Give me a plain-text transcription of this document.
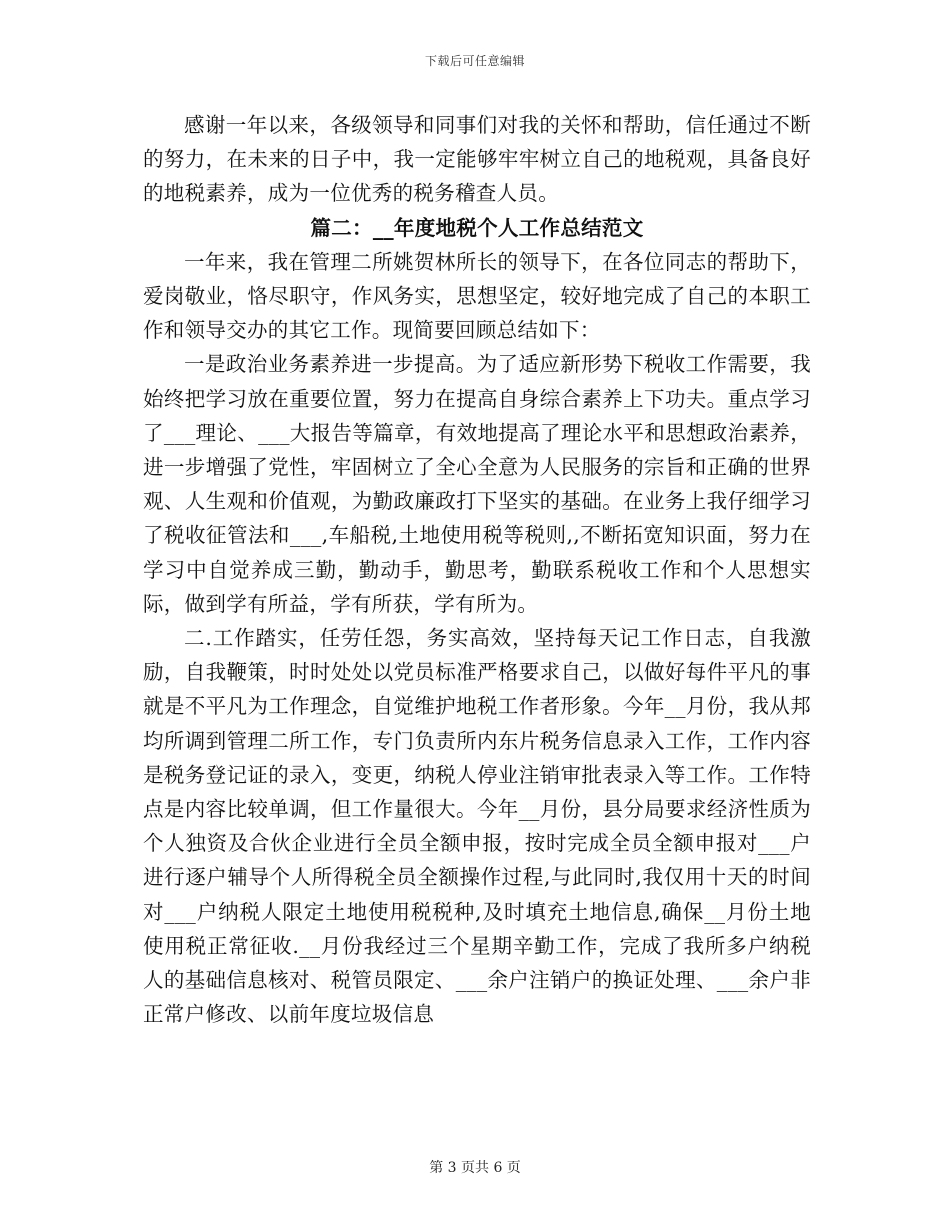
下载后可任意编辑

感谢一年以来，各级领导和同事们对我的关怀和帮助，信任通过不断的努力，在未来的日子中，我一定能够牢牢树立自己的地税观，具备良好的地税素养，成为一位优秀的税务稽查人员。

篇二：__年度地税个人工作总结范文

一年来，我在管理二所姚贺林所长的领导下，在各位同志的帮助下，爱岗敬业，恪尽职守，作风务实，思想坚定，较好地完成了自己的本职工作和领导交办的其它工作。现简要回顾总结如下：

一是政治业务素养进一步提高。为了适应新形势下税收工作需要，我始终把学习放在重要位置，努力在提高自身综合素养上下功夫。重点学习了___理论、___大报告等篇章，有效地提高了理论水平和思想政治素养，进一步增强了党性，牢固树立了全心全意为人民服务的宗旨和正确的世界观、人生观和价值观，为勤政廉政打下坚实的基础。在业务上我仔细学习了税收征管法和___,车船税,土地使用税等税则,,不断拓宽知识面，努力在学习中自觉养成三勤，勤动手，勤思考，勤联系税收工作和个人思想实际，做到学有所益，学有所获，学有所为。

二.工作踏实，任劳任怨，务实高效，坚持每天记工作日志，自我激励，自我鞭策，时时处处以党员标准严格要求自己，以做好每件平凡的事就是不平凡为工作理念，自觉维护地税工作者形象。今年__月份，我从邦均所调到管理二所工作，专门负责所内东片税务信息录入工作，工作内容是税务登记证的录入，变更，纳税人停业注销审批表录入等工作。工作特点是内容比较单调，但工作量很大。今年__月份，县分局要求经济性质为个人独资及合伙企业进行全员全额申报，按时完成全员全额申报对___户进行逐户辅导个人所得税全员全额操作过程,与此同时,我仅用十天的时间对___户纳税人限定土地使用税税种,及时填充土地信息,确保__月份土地使用税正常征收.__月份我经过三个星期辛勤工作，完成了我所多户纳税人的基础信息核对、税管员限定、___余户注销户的换证处理、___余户非正常户修改、以前年度垃圾信息

第 3 页共 6 页
